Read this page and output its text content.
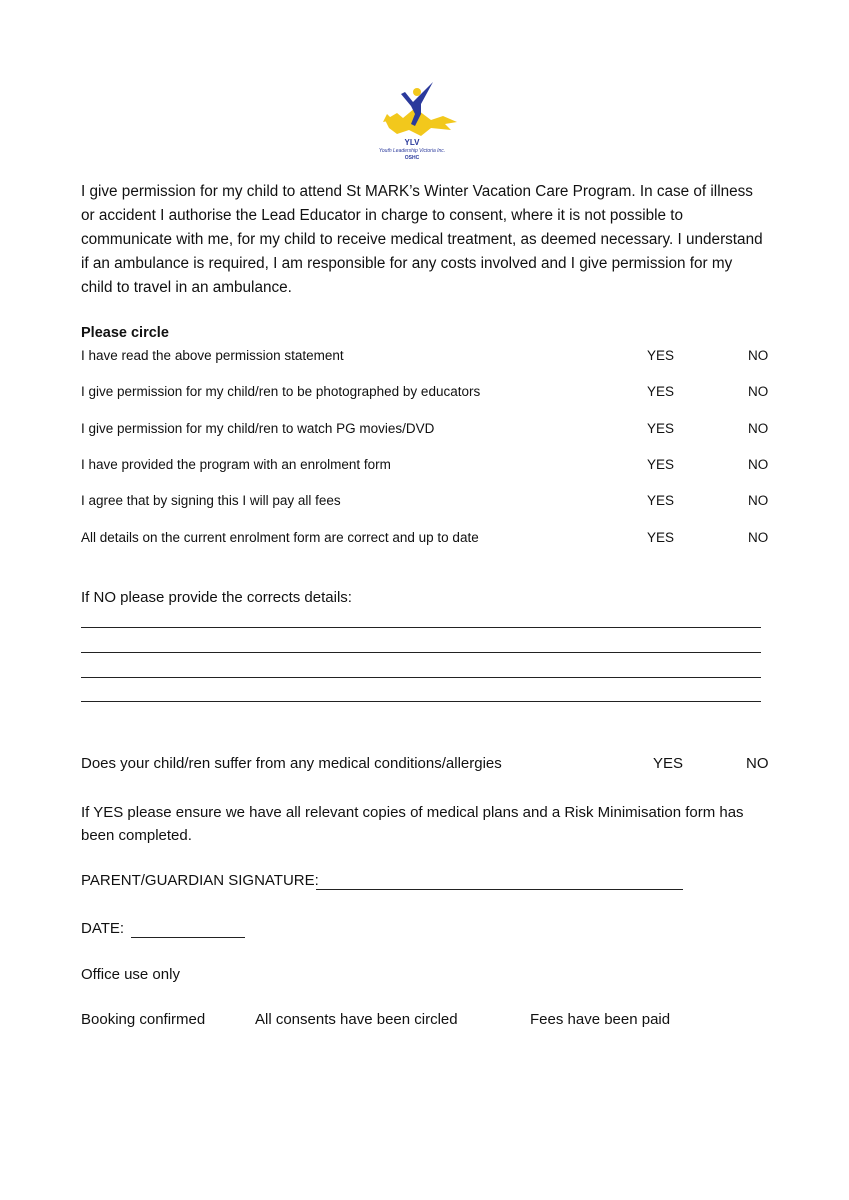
YLV
Youth Leadership Victoria Inc.
OSHC

I give permission for my child to attend St MARK’s Winter Vacation Care Program. In case of illness or accident I authorise the Lead Educator in charge to consent, where it is not possible to communicate with me, for my child to receive medical treatment, as deemed necessary. I understand if an ambulance is required, I am responsible for any costs involved and I give permission for my child to travel in an ambulance.

Please circle
I have read the above permission statement	YES	NO
I give permission for my child/ren to be photographed by educators	YES	NO
I give permission for my child/ren to watch PG movies/DVD	YES	NO
I have provided the program with an enrolment form	YES	NO
I agree that by signing this I will pay all fees	YES	NO
All details on the current enrolment form are correct and up to date	YES	NO
If NO please provide the corrects details:
Does your child/ren suffer from any medical conditions/allergies	YES	NO

If YES please ensure we have all relevant copies of medical plans and a Risk Minimisation form has been completed.

PARENT/GUARDIAN SIGNATURE:
DATE:
Office use only
Booking confirmed	All consents have been circled	Fees have been paid
